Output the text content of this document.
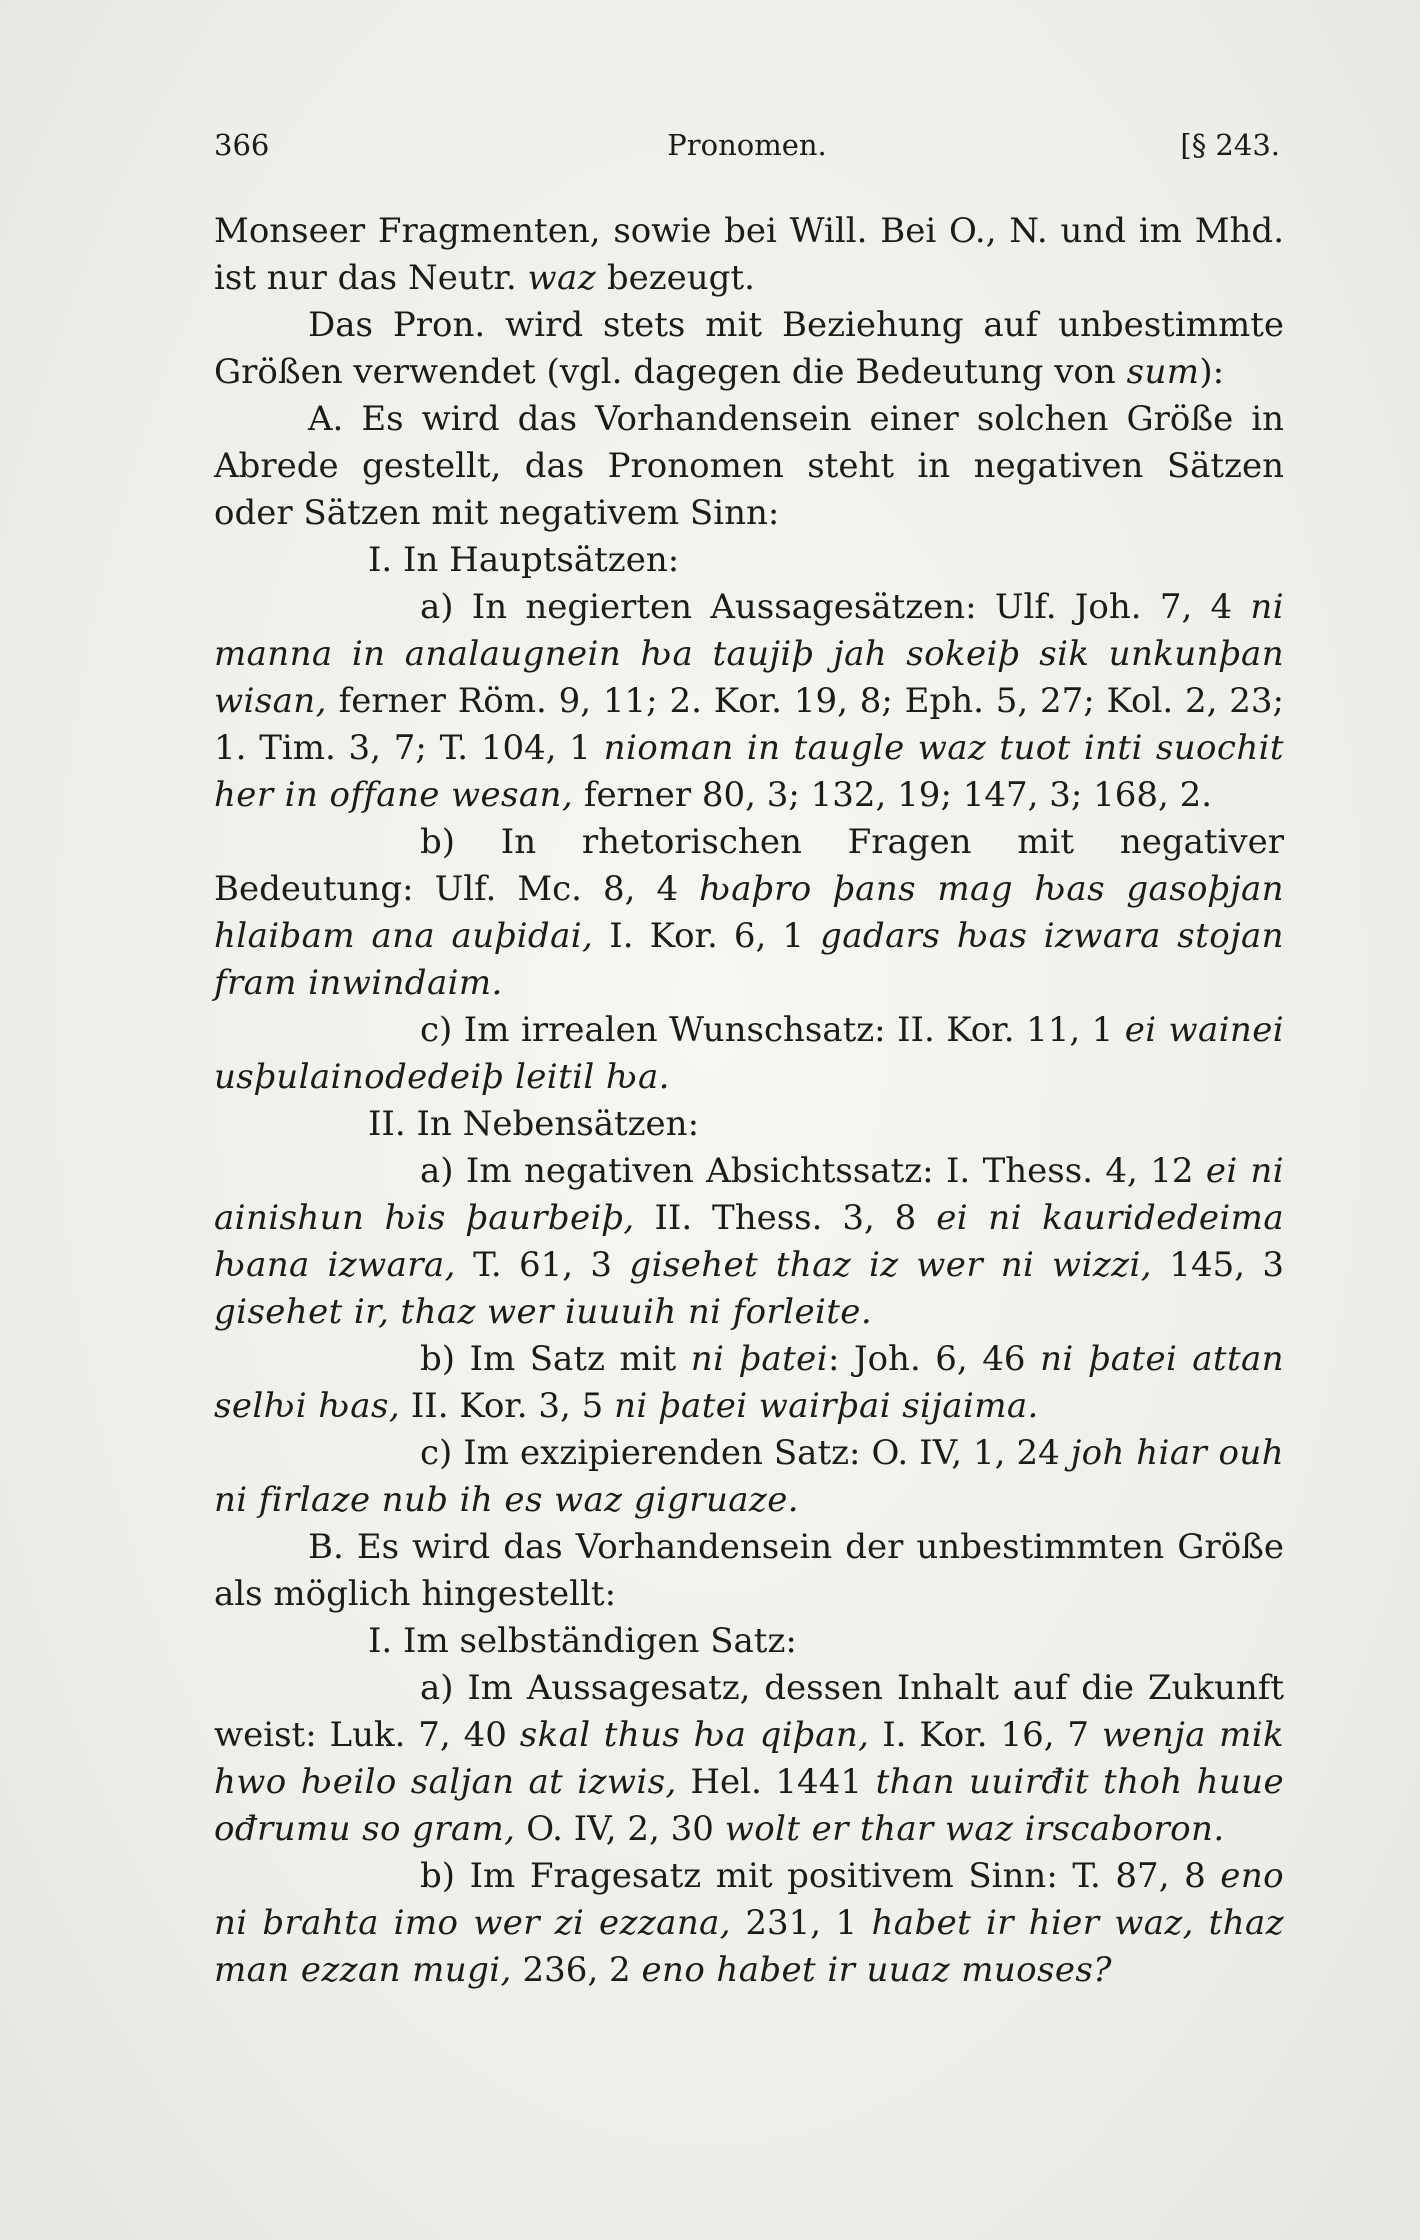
366	Pronomen.	[§ 243.

Monseer Fragmenten, sowie bei Will. Bei O., N. und im Mhd. ist nur das Neutr. waz bezeugt.

Das Pron. wird stets mit Beziehung auf unbestimmte Größen verwendet (vgl. dagegen die Bedeutung von sum):

A. Es wird das Vorhandensein einer solchen Größe in Abrede gestellt, das Pronomen steht in negativen Sätzen oder Sätzen mit negativem Sinn:

I. In Hauptsätzen:

a) In negierten Aussagesätzen: Ulf. Joh. 7, 4 ni manna in analaugnein ƕa taujiþ jah sokeiþ sik unkunþan wisan, ferner Röm. 9, 11; 2. Kor. 19, 8; Eph. 5, 27; Kol. 2, 23; 1. Tim. 3, 7; T. 104, 1 nioman in taugle waz tuot inti suochit her in offane wesan, ferner 80, 3; 132, 19; 147, 3; 168, 2.

b) In rhetorischen Fragen mit negativer Bedeutung: Ulf. Mc. 8, 4 ƕaþro þans mag ƕas gasoþjan hlaibam ana auþidai, I. Kor. 6, 1 gadars ƕas izwara stojan fram inwindaim.

c) Im irrealen Wunschsatz: II. Kor. 11, 1 ei wainei usþulainodedeiþ leitil ƕa.

II. In Nebensätzen:

a) Im negativen Absichtssatz: I. Thess. 4, 12 ei ni ainishun ƕis þaurbeiþ, II. Thess. 3, 8 ei ni kauridedeima ƕana izwara, T. 61, 3 gisehet thaz iz wer ni wizzi, 145, 3 gisehet ir, thaz wer iuuuih ni forleite.

b) Im Satz mit ni þatei: Joh. 6, 46 ni þatei attan selƕi ƕas, II. Kor. 3, 5 ni þatei wairþai sijaima.

c) Im exzipierenden Satz: O. IV, 1, 24 joh hiar ouh ni firlaze nub ih es waz gigruaze.

B. Es wird das Vorhandensein der unbestimmten Größe als möglich hingestellt:

I. Im selbständigen Satz:

a) Im Aussagesatz, dessen Inhalt auf die Zukunft weist: Luk. 7, 40 skal thus ƕa qiþan, I. Kor. 16, 7 wenja mik hwo ƕeilo saljan at izwis, Hel. 1441 than uuirđit thoh huue ođrumu so gram, O. IV, 2, 30 wolt er thar waz irscaboron.

b) Im Fragesatz mit positivem Sinn: T. 87, 8 eno ni brahta imo wer zi ezzana, 231, 1 habet ir hier waz, thaz man ezzan mugi, 236, 2 eno habet ir uuaz muoses?
